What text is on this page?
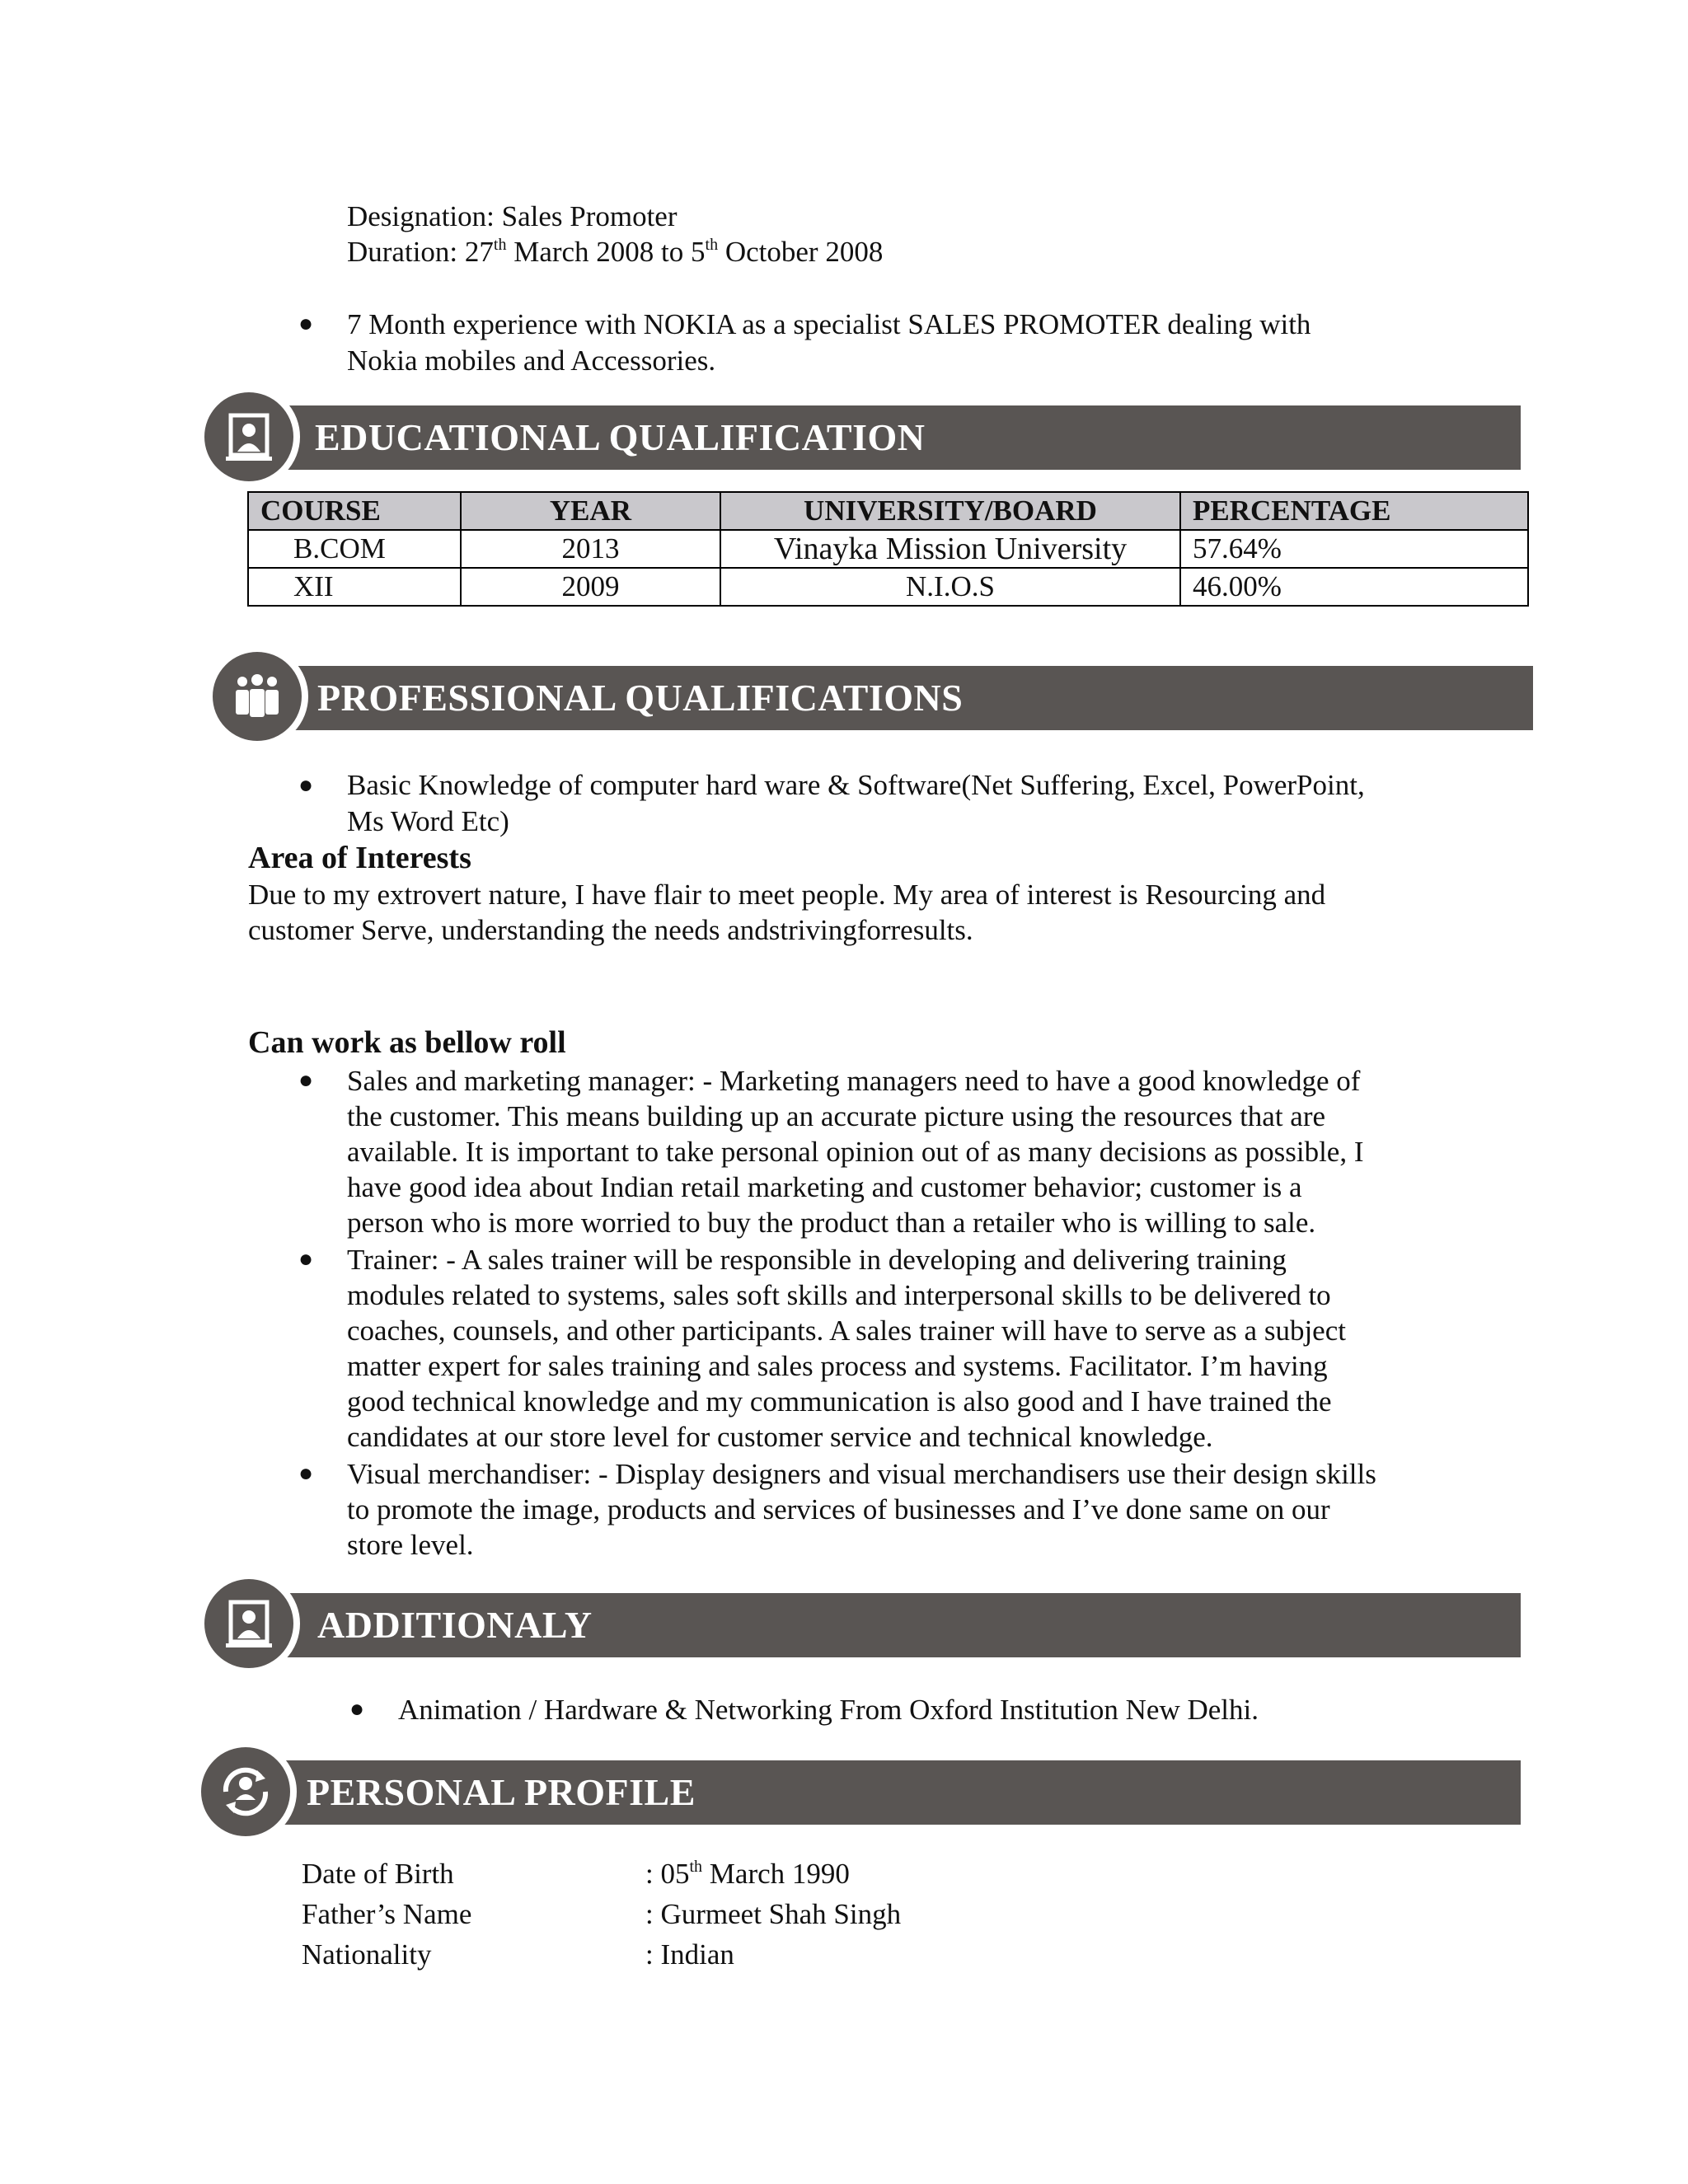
Designation: Sales Promoter
Duration: 27th March 2008 to 5th October 2008
● 7 Month experience with NOKIA as a specialist SALES PROMOTER dealing with
Nokia mobiles and Accessories.
EDUCATIONAL QUALIFICATION
COURSE	YEAR	UNIVERSITY/BOARD	PERCENTAGE
B.COM	2013	Vinayka Mission University	57.64%
XII	2009	N.I.O.S	46.00%
PROFESSIONAL QUALIFICATIONS
● Basic Knowledge of computer hard ware & Software(Net Suffering, Excel, PowerPoint,
Ms Word Etc)
Area of Interests
Due to my extrovert nature, I have flair to meet people. My area of interest is Resourcing and
customer Serve, understanding the needs andstrivingforresults.
Can work as bellow roll
● Sales and marketing manager: - Marketing managers need to have a good knowledge of
the customer. This means building up an accurate picture using the resources that are
available. It is important to take personal opinion out of as many decisions as possible, I
have good idea about Indian retail marketing and customer behavior; customer is a
person who is more worried to buy the product than a retailer who is willing to sale.
● Trainer: - A sales trainer will be responsible in developing and delivering training
modules related to systems, sales soft skills and interpersonal skills to be delivered to
coaches, counsels, and other participants. A sales trainer will have to serve as a subject
matter expert for sales training and sales process and systems. Facilitator. I’m having
good technical knowledge and my communication is also good and I have trained the
candidates at our store level for customer service and technical knowledge.
● Visual merchandiser: - Display designers and visual merchandisers use their design skills
to promote the image, products and services of businesses and I’ve done same on our
store level.
ADDITIONALY
● Animation / Hardware & Networking From Oxford Institution New Delhi.
PERSONAL PROFILE
Date of Birth	: 05th March 1990
Father’s Name	: Gurmeet Shah Singh
Nationality	: Indian
